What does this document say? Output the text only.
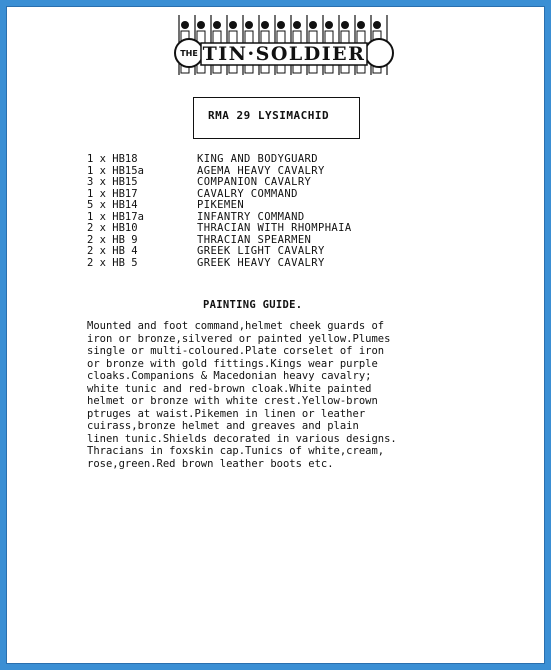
THE TIN·SOLDIER
RMA 29 LYSIMACHID
1 x HB18	KING AND BODYGUARD
1 x HB15a	AGEMA HEAVY CAVALRY
3 x HB15	COMPANION CAVALRY
1 x HB17	CAVALRY COMMAND
5 x HB14	PIKEMEN
1 x HB17a	INFANTRY COMMAND
2 x HB10	THRACIAN WITH RHOMPHAIA
2 x HB 9	THRACIAN SPEARMEN
2 x HB 4	GREEK LIGHT CAVALRY
2 x HB 5	GREEK HEAVY CAVALRY
PAINTING GUIDE.
Mounted and foot command,helmet cheek guards of
iron or bronze,silvered or painted yellow.Plumes
single or multi-coloured.Plate corselet of iron
or bronze with gold fittings.Kings wear purple
cloaks.Companions & Macedonian heavy cavalry;
white tunic and red-brown cloak.White painted
helmet or bronze with white crest.Yellow-brown
ptruges at waist.Pikemen in linen or leather
cuirass,bronze helmet and greaves and plain
linen tunic.Shields decorated in various designs.
Thracians in foxskin cap.Tunics of white,cream,
rose,green.Red brown leather boots etc.
